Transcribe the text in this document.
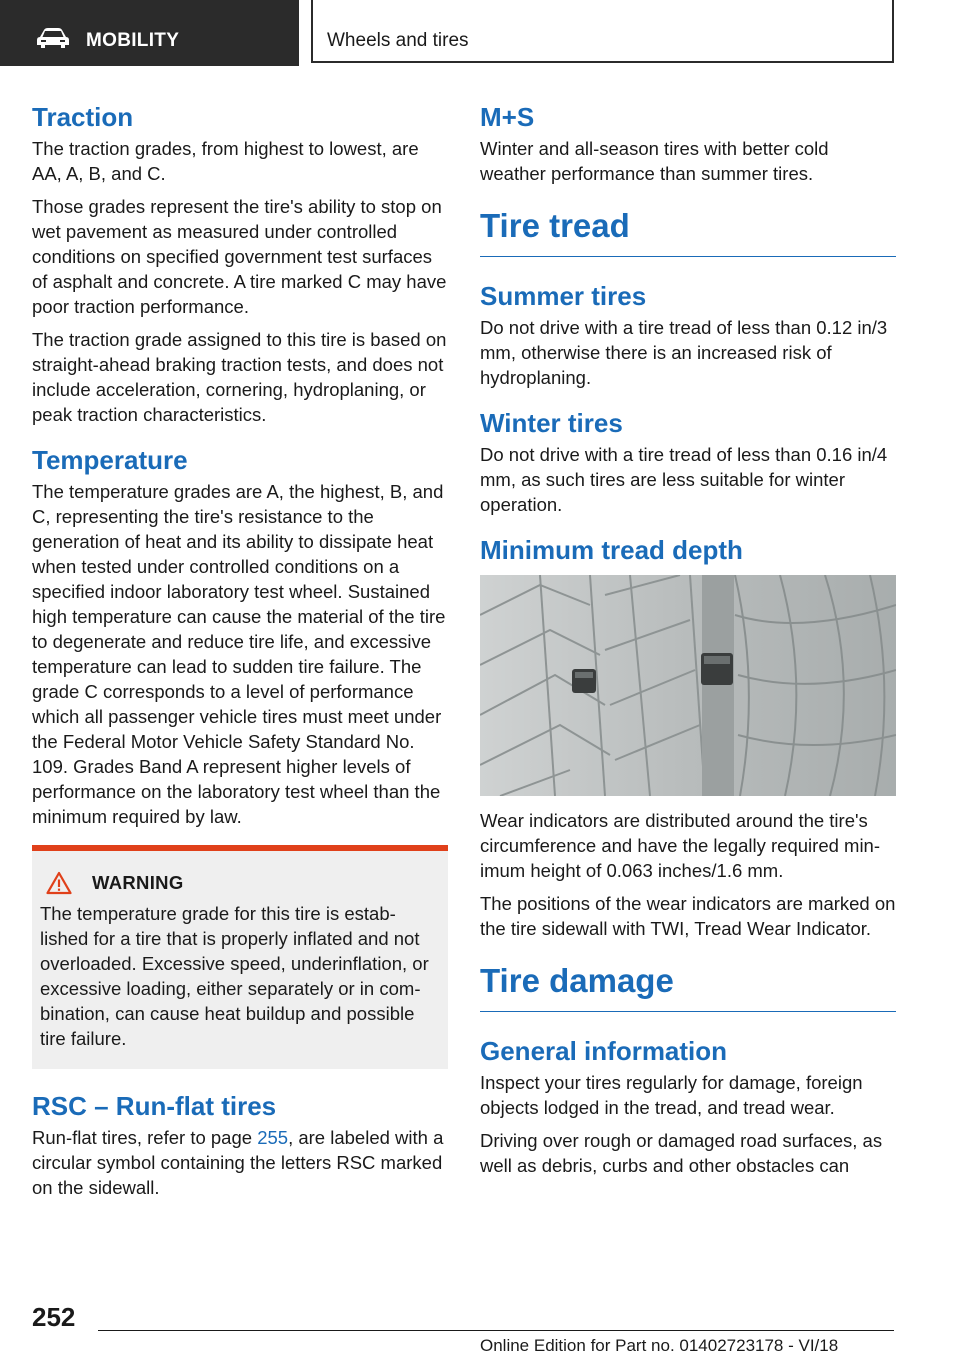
MOBILITY	Wheels and tires
Traction

The traction grades, from highest to lowest, are AA, A, B, and C.

Those grades represent the tire's ability to stop on wet pavement as measured under controlled conditions on specified government test surfaces of asphalt and concrete. A tire marked C may have poor traction performance.

The traction grade assigned to this tire is based on straight-ahead braking traction tests, and does not include acceleration, cornering, hydroplaning, or peak traction characteristics.

Temperature

The temperature grades are A, the highest, B, and C, representing the tire's resistance to the generation of heat and its ability to dissipate heat when tested under controlled conditions on a specified indoor laboratory test wheel. Sustained high temperature can cause the material of the tire to degenerate and reduce tire life, and excessive temperature can lead to sudden tire failure. The grade C corresponds to a level of performance which all passenger vehicle tires must meet under the Federal Motor Vehicle Safety Standard No. 109. Grades Band A represent higher levels of performance on the laboratory test wheel than the minimum required by law.

WARNING

The temperature grade for this tire is established for a tire that is properly inflated and not overloaded. Excessive speed, underinflation, or excessive loading, either separately or in combination, can cause heat buildup and possible tire failure.

RSC – Run-flat tires

Run-flat tires, refer to page 255, are labeled with a circular symbol containing the letters RSC marked on the sidewall.

M+S

Winter and all-season tires with better cold weather performance than summer tires.

Tire tread
Summer tires

Do not drive with a tire tread of less than 0.12 in/3 mm, otherwise there is an increased risk of hydroplaning.

Winter tires

Do not drive with a tire tread of less than 0.16 in/4 mm, as such tires are less suitable for winter operation.

Minimum tread depth

Wear indicators are distributed around the tire's circumference and have the legally required minimum height of 0.063 inches/1.6 mm.

The positions of the wear indicators are marked on the tire sidewall with TWI, Tread Wear Indicator.

Tire damage
General information

Inspect your tires regularly for damage, foreign objects lodged in the tread, and tread wear.

Driving over rough or damaged road surfaces, as well as debris, curbs and other obstacles can

252
Online Edition for Part no. 01402723178 - VI/18
